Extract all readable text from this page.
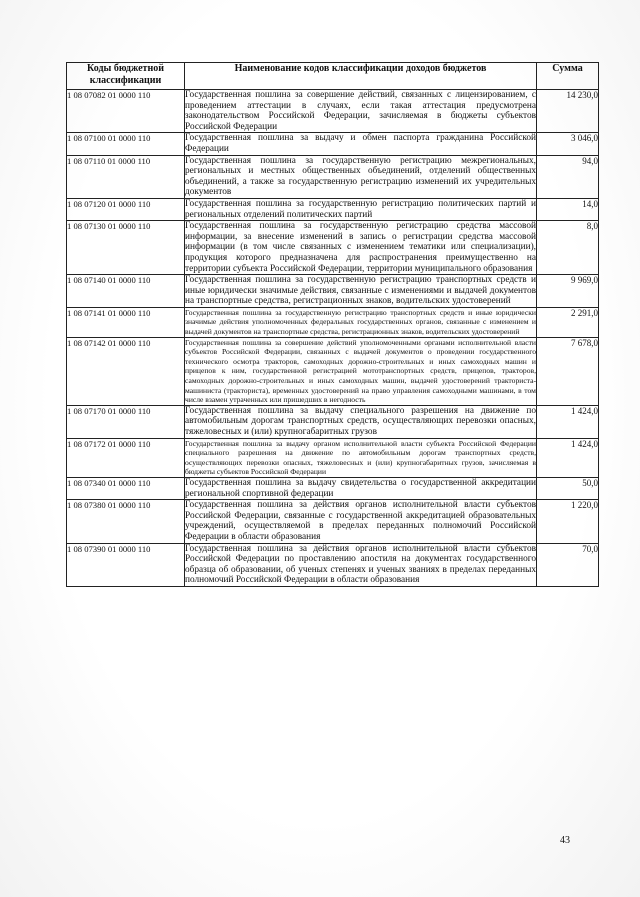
Коды бюджетной классификации	Наименование кодов классификации доходов бюджетов	Сумма
1 08 07082 01 0000 110	Государственная пошлина за совершение действий, связанных с лицензированием, с проведением аттестации в случаях, если такая аттестация предусмотрена законодательством Российской Федерации, зачисляемая в бюджеты субъектов Российской Федерации	14 230,0
1 08 07100 01 0000 110	Государственная пошлина за выдачу и обмен паспорта гражданина Российской Федерации	3 046,0
1 08 07110 01 0000 110	Государственная пошлина за государственную регистрацию межрегиональных, региональных и местных общественных объединений, отделений общественных объединений, а также за государственную регистрацию изменений их учредительных документов	94,0
1 08 07120 01 0000 110	Государственная пошлина за государственную регистрацию политических партий и региональных отделений политических партий	14,0
1 08 07130 01 0000 110	Государственная пошлина за государственную регистрацию средства массовой информации, за внесение изменений в запись о регистрации средства массовой информации (в том числе связанных с изменением тематики или специализации), продукция которого предназначена для распространения преимущественно на территории субъекта Российской Федерации, территории муниципального образования	8,0
1 08 07140 01 0000 110	Государственная пошлина за государственную регистрацию транспортных средств и иные юридически значимые действия, связанные с изменениями и выдачей документов на транспортные средства, регистрационных знаков, водительских удостоверений	9 969,0
1 08 07141 01 0000 110	Государственная пошлина за государственную регистрацию транспортных средств и иные юридически значимые действия уполномоченных федеральных государственных органов, связанные с изменением и выдачей документов на транспортные средства, регистрационных знаков, водительских удостоверений	2 291,0
1 08 07142 01 0000 110	Государственная пошлина за совершение действий уполномоченными органами исполнительной власти субъектов Российской Федерации, связанных с выдачей документов о проведении государственного технического осмотра тракторов, самоходных дорожно-строительных и иных самоходных машин и прицепов к ним, государственной регистрацией мототранспортных средств, прицепов, тракторов, самоходных дорожно-строительных и иных самоходных машин, выдачей удостоверений тракториста-машиниста (тракториста), временных удостоверений на право управления самоходными машинами, в том числе взамен утраченных или пришедших в негодность	7 678,0
1 08 07170 01 0000 110	Государственная пошлина за выдачу специального разрешения на движение по автомобильным дорогам транспортных средств, осуществляющих перевозки опасных, тяжеловесных и (или) крупногабаритных грузов	1 424,0
1 08 07172 01 0000 110	Государственная пошлина за выдачу органом исполнительной власти субъекта Российской Федерации специального разрешения на движение по автомобильным дорогам транспортных средств, осуществляющих перевозки опасных, тяжеловесных и (или) крупногабаритных грузов, зачисляемая в бюджеты субъектов Российской Федерации	1 424,0
1 08 07340 01 0000 110	Государственная пошлина за выдачу свидетельства о государственной аккредитации региональной спортивной федерации	50,0
1 08 07380 01 0000 110	Государственная пошлина за действия органов исполнительной власти субъектов Российской Федерации, связанные с государственной аккредитацией образовательных учреждений, осуществляемой в пределах переданных полномочий Российской Федерации в области образования	1 220,0
1 08 07390 01 0000 110	Государственная пошлина за действия органов исполнительной власти субъектов Российской Федерации по проставлению апостиля на документах государственного образца об образовании, об ученых степенях и ученых званиях в пределах переданных полномочий Российской Федерации в области образования	70,0
43
